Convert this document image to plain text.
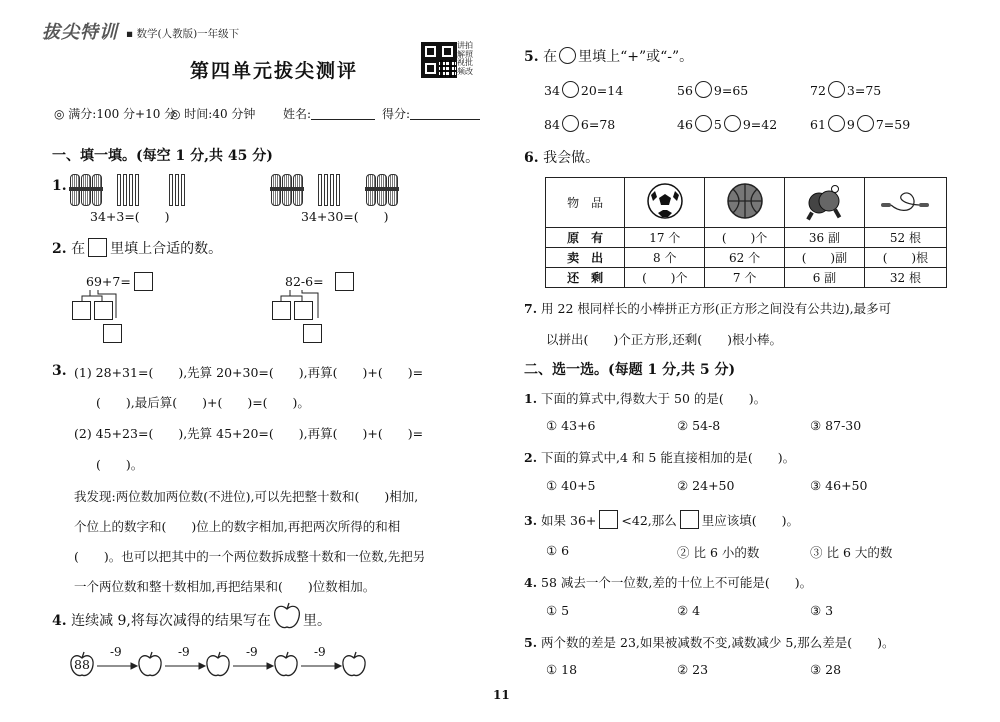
拔尖特训 ▪ 数学(人教版)一年级下
第四单元拔尖测评
讲拍
解照
视批
频改
◎ 满分:100 分+10 分
◎ 时间:40 分钟 姓名:	得分:
一、填一填。(每空 1 分,共 45 分)
1.

34+3=(　　)
	34+30=(　　)
2. 在 里填上合适的数。
69+7=	82-6=
3. (1) 28+31=(　　),先算 20+30=(　　),再算(　　)+(　　)=
(　　),最后算(　　)+(　　)=(　　)。
(2) 45+23=(　　),先算 45+20=(　　),再算(　　)+(　　)=
(　　)。
我发现:两位数加两位数(不进位),可以先把整十数和(　　)相加,
个位上的数字和(　　)位上的数字相加,再把两次所得的和相
(　　)。也可以把其中的一个两位数拆成整十数和一位数,先把另
一个两位数和整十数相加,再把结果和(　　)位数相加。
4. 连续减 9,将每次减得的结果写在 里。
88
-9	-9	-9	-9
5. 在 里填上“+”或“-”。
34 20=14	56 9=65	72 3=75
84 6=78	46 5 9=42	61 9 7=59
6. 我会做。
物　品				
原　有	17 个	(　　)个	36 副	52 根
卖　出	8 个	62 个	(　　)副	(　　)根
还　剩	(　　)个	7 个	6 副	32 根
7. 用 22 根同样长的小棒拼正方形(正方形之间没有公共边),最多可
以拼出(　　)个正方形,还剩(　　)根小棒。
二、选一选。(每题 1 分,共 5 分)
1. 下面的算式中,得数大于 50 的是(　　)。
① 43+6	② 54-8	③ 87-30
2. 下面的算式中,4 和 5 能直接相加的是(　　)。
① 40+5	② 24+50	③ 46+50
3. 如果 36+ <42,那么 里应该填(　　)。
① 6	② 比 6 小的数	③ 比 6 大的数
4. 58 减去一个一位数,差的十位上不可能是(　　)。
① 5	② 4	③ 3
5. 两个数的差是 23,如果被减数不变,减数减少 5,那么差是(　　)。
① 18	② 23	③ 28
11
